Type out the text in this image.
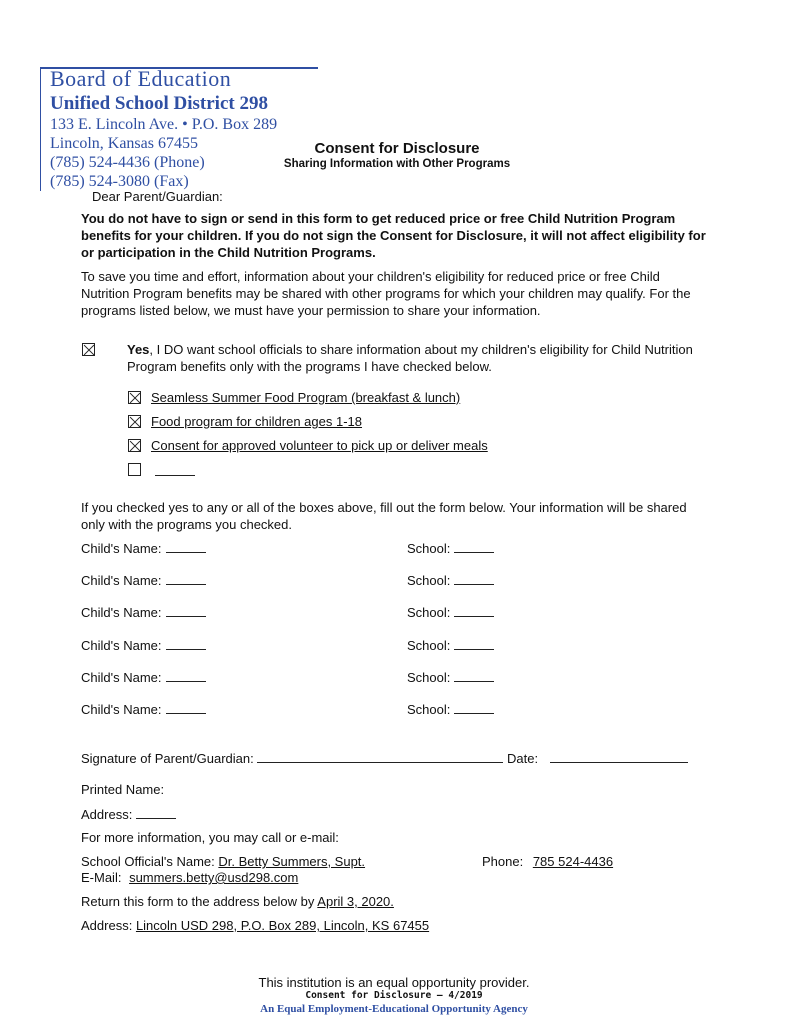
Board of Education
Unified School District 298
133 E. Lincoln Ave. • P.O. Box 289
Lincoln, Kansas 67455
(785) 524-4436 (Phone)
(785) 524-3080 (Fax)
Consent for Disclosure
Sharing Information with Other Programs
Dear Parent/Guardian:
You do not have to sign or send in this form to get reduced price or free Child Nutrition Program benefits for your children. If you do not sign the Consent for Disclosure, it will not affect eligibility for or participation in the Child Nutrition Programs.
To save you time and effort, information about your children's eligibility for reduced price or free Child Nutrition Program benefits may be shared with other programs for which your children may qualify. For the programs listed below, we must have your permission to share your information.
Yes, I DO want school officials to share information about my children's eligibility for Child Nutrition Program benefits only with the programs I have checked below.
Seamless Summer Food Program (breakfast & lunch)
Food program for children ages 1-18
Consent for approved volunteer to pick up or deliver meals
If you checked yes to any or all of the boxes above, fill out the form below. Your information will be shared only with the programs you checked.
Child's Name:	School:
Child's Name:	School:
Child's Name:	School:
Child's Name:	School:
Child's Name:	School:
Child's Name:	School:
Signature of Parent/Guardian:	Date:
Printed Name:
Address:
For more information, you may call or e-mail:
School Official's Name: Dr. Betty Summers, Supt.	Phone: 785 524-4436
E-Mail: summers.betty@usd298.com
Return this form to the address below by April 3, 2020.
Address: Lincoln USD 298, P.O. Box 289, Lincoln, KS 67455
This institution is an equal opportunity provider.
Consent for Disclosure – 4/2019
An Equal Employment-Educational Opportunity Agency
